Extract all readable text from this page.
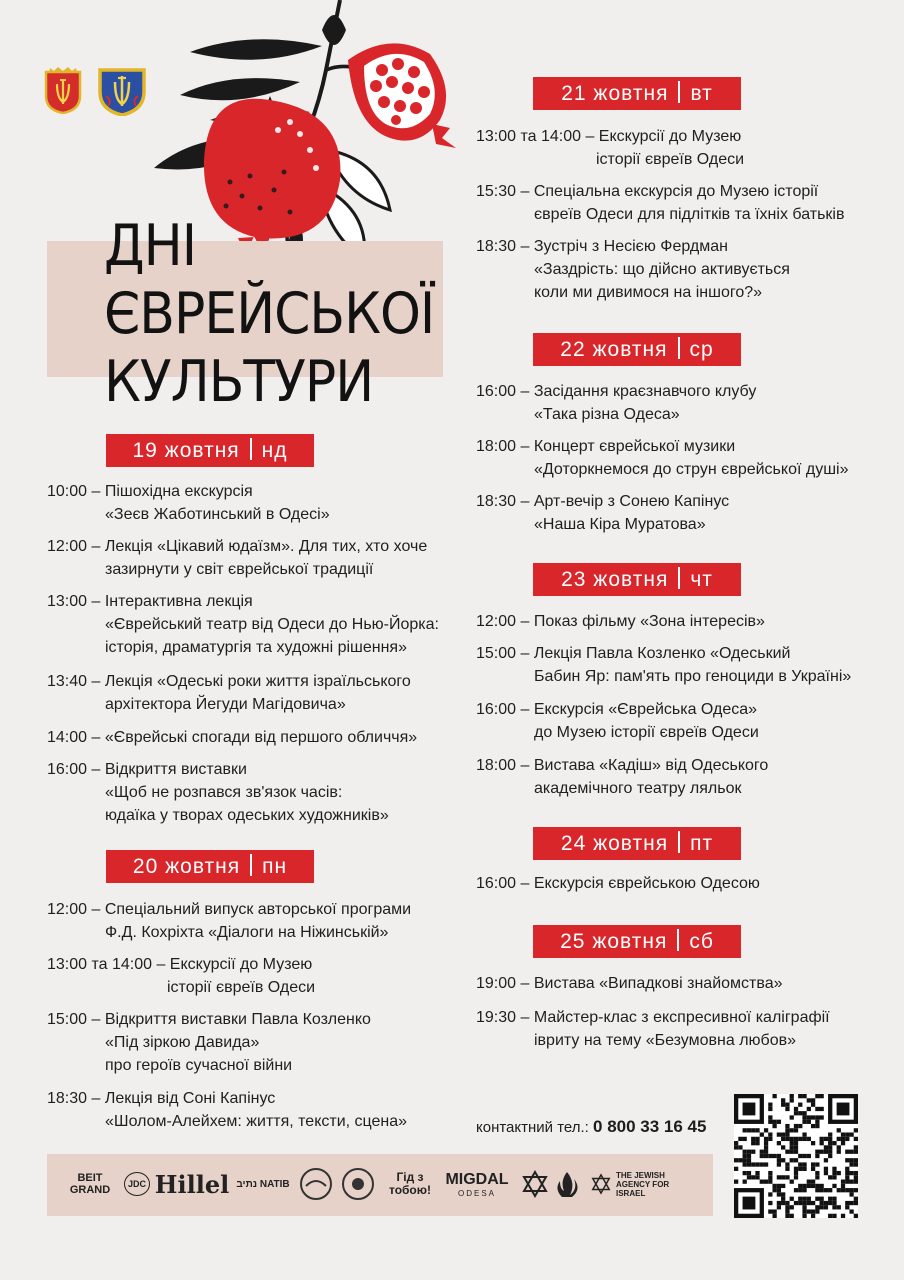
ДНІ
ЄВРЕЙСЬКОЇ
КУЛЬТУРИ
19 жовтня нд
10:00 – Пішохідна екскурсія
«Зеєв Жаботинський в Одесі»
12:00 – Лекція «Цікавий юдаїзм». Для тих, хто хоче
зазирнути у світ єврейської традиції
13:00 – Інтерактивна лекція
«Єврейський театр від Одеси до Нью-Йорка:
історія, драматургія та художні рішення»
13:40 – Лекція «Одеські роки життя ізраїльського
архітектора Йегуди Магідовича»
14:00 – «Єврейські спогади від першого обличчя»
16:00 – Відкриття виставки
«Щоб не розпався зв'язок часів:
юдаїка у творах одеських художників»
20 жовтня пн
12:00 – Спеціальний випуск авторської програми
Ф.Д. Кохріхта «Діалоги на Ніжинській»
13:00 та 14:00 – Екскурсії до Музею
історії євреїв Одеси
15:00 – Відкриття виставки Павла Козленко
«Під зіркою Давида»
про героїв сучасної війни
18:30 – Лекція від Соні Капінус
«Шолом-Алейхем: життя, тексти, сцена»
21 жовтня вт
13:00 та 14:00 – Екскурсії до Музею
історії євреїв Одеси
15:30 – Спеціальна екскурсія до Музею історії
євреїв Одеси для підлітків та їхніх батьків
18:30 – Зустріч з Несією Фердман
«Заздрість: що дійсно активується
коли ми дивимося на іншого?»
22 жовтня ср
16:00 – Засідання краєзнавчого клубу
«Така різна Одеса»
18:00 – Концерт єврейської музики
«Доторкнемося до струн єврейської душі»
18:30 – Арт-вечір з Сонею Капінус
«Наша Кіра Муратова»
23 жовтня чт
12:00 – Показ фільму «Зона інтересів»
15:00 – Лекція Павла Козленко «Одеський
Бабин Яр: пам'ять про геноциди в Україні»
16:00 – Екскурсія «Єврейська Одеса»
до Музею історії євреїв Одеси
18:00 – Вистава «Кадіш» від Одеського
академічного театру ляльок
24 жовтня пт
16:00 – Екскурсія єврейською Одесою
25 жовтня сб
19:00 – Вистава «Випадкові знайомства»
19:30 – Майстер-клас з експресивної каліграфії
івриту на тему «Безумовна любов»
контактний тел.: 0 800 33 16 45
BEIT GRAND	JDC Hillel נתיב NATIB	Гід з тобою!
MIGDAL
ODESA
THE JEWISH AGENCY FOR ISRAEL
